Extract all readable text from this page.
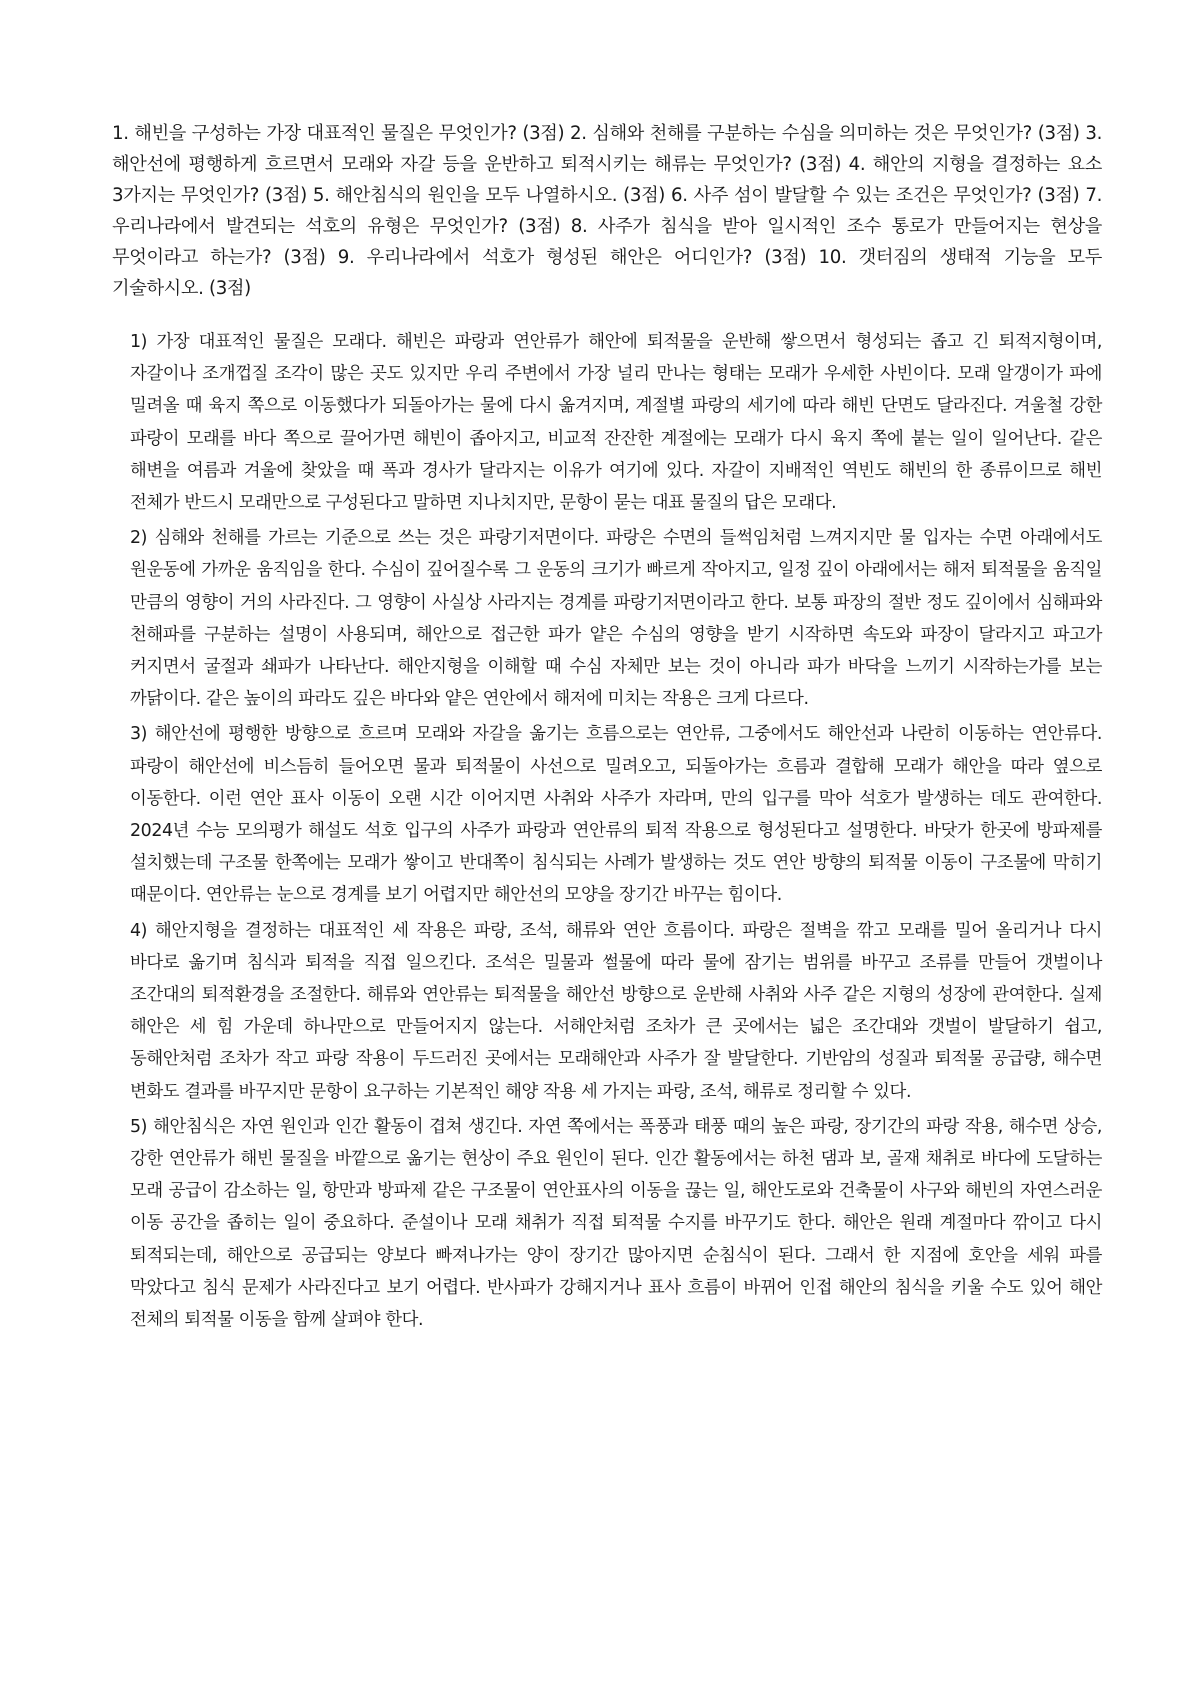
1. 해빈을 구성하는 가장 대표적인 물질은 무엇인가? (3점) 2. 심해와 천해를 구분하는 수심을 의미하는 것은 무엇인가? (3점) 3. 해안선에 평행하게 흐르면서 모래와 자갈 등을 운반하고 퇴적시키는 해류는 무엇인가? (3점) 4. 해안의 지형을 결정하는 요소 3가지는 무엇인가? (3점) 5. 해안침식의 원인을 모두 나열하시오. (3점) 6. 사주 섬이 발달할 수 있는 조건은 무엇인가? (3점) 7. 우리나라에서 발견되는 석호의 유형은 무엇인가? (3점) 8. 사주가 침식을 받아 일시적인 조수 통로가 만들어지는 현상을 무엇이라고 하는가? (3점) 9. 우리나라에서 석호가 형성된 해안은 어디인가? (3점) 10. 갯터짐의 생태적 기능을 모두 기술하시오. (3점)

1) 가장 대표적인 물질은 모래다. 해빈은 파랑과 연안류가 해안에 퇴적물을 운반해 쌓으면서 형성되는 좁고 긴 퇴적지형이며, 자갈이나 조개껍질 조각이 많은 곳도 있지만 우리 주변에서 가장 널리 만나는 형태는 모래가 우세한 사빈이다. 모래 알갱이가 파에 밀려올 때 육지 쪽으로 이동했다가 되돌아가는 물에 다시 옮겨지며, 계절별 파랑의 세기에 따라 해빈 단면도 달라진다. 겨울철 강한 파랑이 모래를 바다 쪽으로 끌어가면 해빈이 좁아지고, 비교적 잔잔한 계절에는 모래가 다시 육지 쪽에 붙는 일이 일어난다. 같은 해변을 여름과 겨울에 찾았을 때 폭과 경사가 달라지는 이유가 여기에 있다. 자갈이 지배적인 역빈도 해빈의 한 종류이므로 해빈 전체가 반드시 모래만으로 구성된다고 말하면 지나치지만, 문항이 묻는 대표 물질의 답은 모래다.
2) 심해와 천해를 가르는 기준으로 쓰는 것은 파랑기저면이다. 파랑은 수면의 들썩임처럼 느껴지지만 물 입자는 수면 아래에서도 원운동에 가까운 움직임을 한다. 수심이 깊어질수록 그 운동의 크기가 빠르게 작아지고, 일정 깊이 아래에서는 해저 퇴적물을 움직일 만큼의 영향이 거의 사라진다. 그 영향이 사실상 사라지는 경계를 파랑기저면이라고 한다. 보통 파장의 절반 정도 깊이에서 심해파와 천해파를 구분하는 설명이 사용되며, 해안으로 접근한 파가 얕은 수심의 영향을 받기 시작하면 속도와 파장이 달라지고 파고가 커지면서 굴절과 쇄파가 나타난다. 해안지형을 이해할 때 수심 자체만 보는 것이 아니라 파가 바닥을 느끼기 시작하는가를 보는 까닭이다. 같은 높이의 파라도 깊은 바다와 얕은 연안에서 해저에 미치는 작용은 크게 다르다.
3) 해안선에 평행한 방향으로 흐르며 모래와 자갈을 옮기는 흐름으로는 연안류, 그중에서도 해안선과 나란히 이동하는 연안류다. 파랑이 해안선에 비스듬히 들어오면 물과 퇴적물이 사선으로 밀려오고, 되돌아가는 흐름과 결합해 모래가 해안을 따라 옆으로 이동한다. 이런 연안 표사 이동이 오랜 시간 이어지면 사취와 사주가 자라며, 만의 입구를 막아 석호가 발생하는 데도 관여한다. 2024년 수능 모의평가 해설도 석호 입구의 사주가 파랑과 연안류의 퇴적 작용으로 형성된다고 설명한다. 바닷가 한곳에 방파제를 설치했는데 구조물 한쪽에는 모래가 쌓이고 반대쪽이 침식되는 사례가 발생하는 것도 연안 방향의 퇴적물 이동이 구조물에 막히기 때문이다. 연안류는 눈으로 경계를 보기 어렵지만 해안선의 모양을 장기간 바꾸는 힘이다.
4) 해안지형을 결정하는 대표적인 세 작용은 파랑, 조석, 해류와 연안 흐름이다. 파랑은 절벽을 깎고 모래를 밀어 올리거나 다시 바다로 옮기며 침식과 퇴적을 직접 일으킨다. 조석은 밀물과 썰물에 따라 물에 잠기는 범위를 바꾸고 조류를 만들어 갯벌이나 조간대의 퇴적환경을 조절한다. 해류와 연안류는 퇴적물을 해안선 방향으로 운반해 사취와 사주 같은 지형의 성장에 관여한다. 실제 해안은 세 힘 가운데 하나만으로 만들어지지 않는다. 서해안처럼 조차가 큰 곳에서는 넓은 조간대와 갯벌이 발달하기 쉽고, 동해안처럼 조차가 작고 파랑 작용이 두드러진 곳에서는 모래해안과 사주가 잘 발달한다. 기반암의 성질과 퇴적물 공급량, 해수면 변화도 결과를 바꾸지만 문항이 요구하는 기본적인 해양 작용 세 가지는 파랑, 조석, 해류로 정리할 수 있다.
5) 해안침식은 자연 원인과 인간 활동이 겹쳐 생긴다. 자연 쪽에서는 폭풍과 태풍 때의 높은 파랑, 장기간의 파랑 작용, 해수면 상승, 강한 연안류가 해빈 물질을 바깥으로 옮기는 현상이 주요 원인이 된다. 인간 활동에서는 하천 댐과 보, 골재 채취로 바다에 도달하는 모래 공급이 감소하는 일, 항만과 방파제 같은 구조물이 연안표사의 이동을 끊는 일, 해안도로와 건축물이 사구와 해빈의 자연스러운 이동 공간을 좁히는 일이 중요하다. 준설이나 모래 채취가 직접 퇴적물 수지를 바꾸기도 한다. 해안은 원래 계절마다 깎이고 다시 퇴적되는데, 해안으로 공급되는 양보다 빠져나가는 양이 장기간 많아지면 순침식이 된다. 그래서 한 지점에 호안을 세워 파를 막았다고 침식 문제가 사라진다고 보기 어렵다. 반사파가 강해지거나 표사 흐름이 바뀌어 인접 해안의 침식을 키울 수도 있어 해안 전체의 퇴적물 이동을 함께 살펴야 한다.
